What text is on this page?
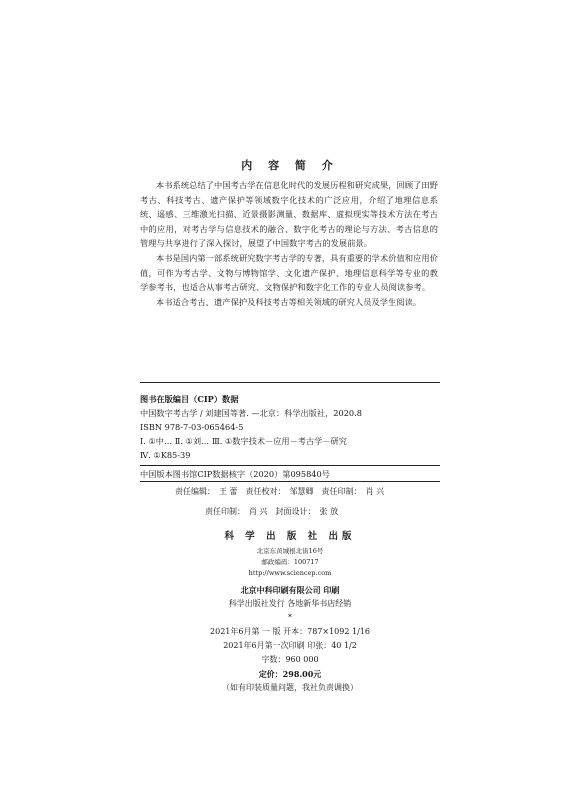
内 容 简 介

本书系统总结了中国考古学在信息化时代的发展历程和研究成果，回顾了田野考古、科技考古、遗产保护等领域数字化技术的广泛应用，介绍了地理信息系统、遥感、三维激光扫描、近景摄影测量、数据库、虚拟现实等技术方法在考古中的应用，对考古学与信息技术的融合、数字化考古的理论与方法、考古信息的管理与共享进行了深入探讨，展望了中国数字考古的发展前景。

本书是国内第一部系统研究数字考古学的专著，具有重要的学术价值和应用价值，可作为考古学、文物与博物馆学、文化遗产保护、地理信息科学等专业的教学参考书，也适合从事考古研究、文物保护和数字化工作的专业人员阅读参考。

本书适合考古、遗产保护及科技考古等相关领域的研究人员及学生阅读。

图书在版编目（CIP）数据
中国数字考古学 / 刘建国等著. —北京：科学出版社，2020.8
ISBN 978-7-03-065464-5
Ⅰ. ①中… Ⅱ. ①刘… Ⅲ. ①数字技术－应用－考古学－研究
Ⅳ. ①K85-39
中国版本图书馆CIP数据核字（2020）第095840号
责任编辑： 王 蕾 责任校对： 邹慧卿 责任印制： 肖 兴
责任印制： 肖 兴 封面设计： 张 放
科 学 出 版 社 出版
北京东黄城根北街16号
邮政编码：100717
http://www.sciencep.com
北京中科印刷有限公司 印刷
科学出版社发行 各地新华书店经销
*
2021年6月第 一 版 开本：787×1092 1/16
2021年6月第一次印刷 印张：40 1/2
字数：960 000
定价：298.00元
（如有印装质量问题，我社负责调换）
